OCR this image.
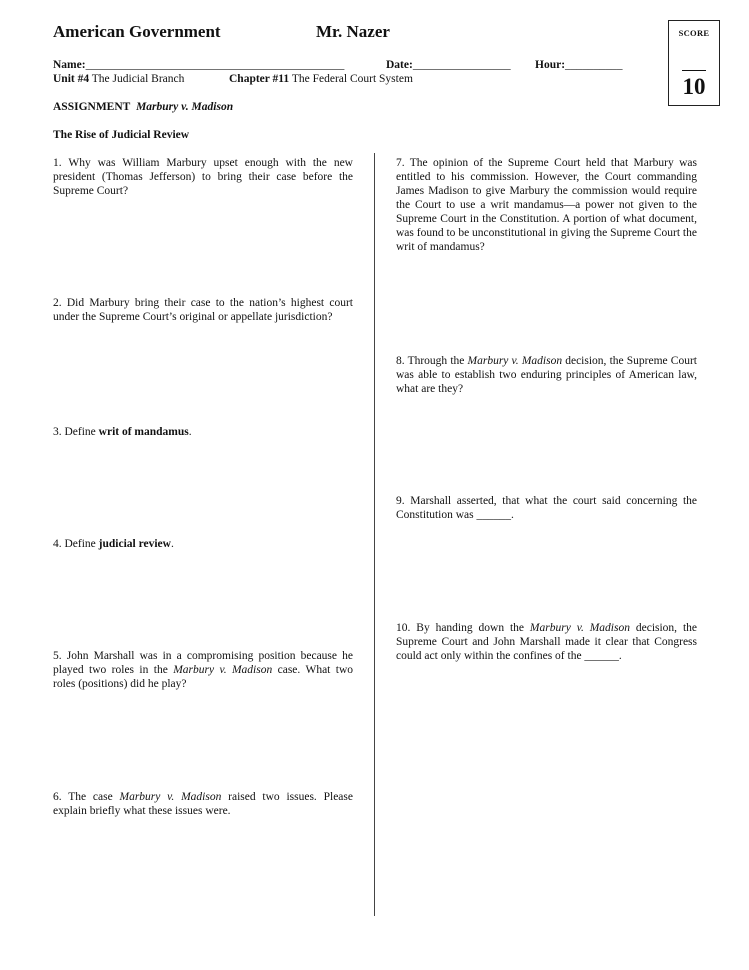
American Government	Mr. Nazer	SCORE
10
Name:_____________________________________________	Date:_________________ Hour:__________
Unit #4 The Judicial Branch	Chapter #11 The Federal Court System
ASSIGNMENT Marbury v. Madison
The Rise of Judicial Review
1. Why was William Marbury upset enough with the new president (Thomas Jefferson) to bring their case before the Supreme Court?
2. Did Marbury bring their case to the nation’s highest court under the Supreme Court’s original or appellate jurisdiction?
3. Define writ of mandamus.
4. Define judicial review.
5. John Marshall was in a compromising position because he played two roles in the Marbury v. Madison case. What two roles (positions) did he play?
6. The case Marbury v. Madison raised two issues. Please explain briefly what these issues were.
7. The opinion of the Supreme Court held that Marbury was entitled to his commission. However, the Court commanding James Madison to give Marbury the commission would require the Court to use a writ mandamus—a power not given to the Supreme Court in the Constitution. A portion of what document, was found to be unconstitutional in giving the Supreme Court the writ of mandamus?
8. Through the Marbury v. Madison decision, the Supreme Court was able to establish two enduring principles of American law, what are they?
9. Marshall asserted, that what the court said concerning the Constitution was ______.
10. By handing down the Marbury v. Madison decision, the Supreme Court and John Marshall made it clear that Congress could act only within the confines of the ______.
